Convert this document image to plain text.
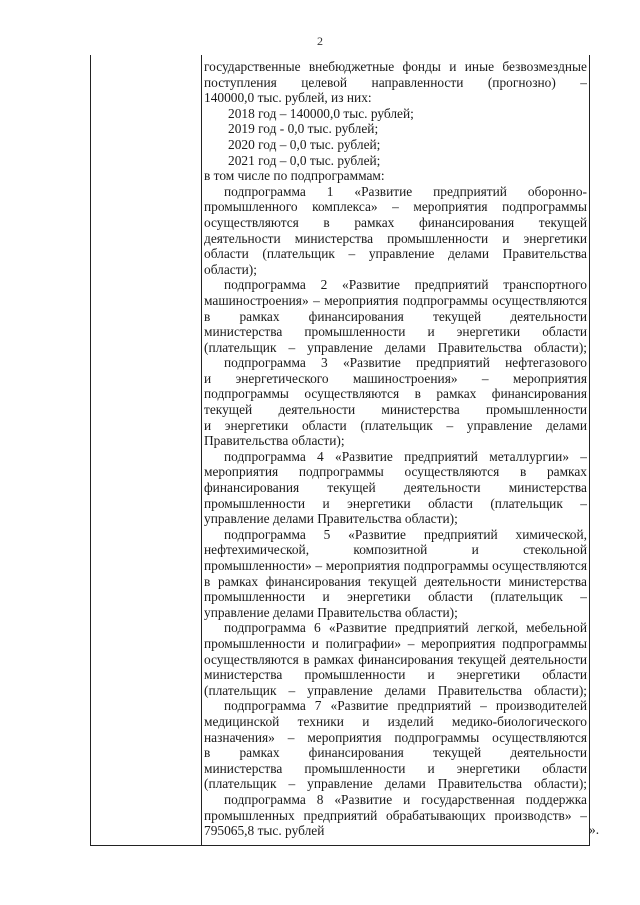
2
государственные внебюджетные фонды и иные безвозмездные
поступления целевой направленности (прогнозно) –
140000,0 тыс. рублей, из них:
2018 год – 140000,0 тыс. рублей;
2019 год - 0,0 тыс. рублей;
2020 год – 0,0 тыс. рублей;
2021 год – 0,0 тыс. рублей;
в том числе по подпрограммам:
подпрограмма 1 «Развитие предприятий оборонно-
промышленного комплекса» – мероприятия подпрограммы
осуществляются в рамках финансирования текущей
деятельности министерства промышленности и энергетики
области (плательщик – управление делами Правительства
области);
подпрограмма 2 «Развитие предприятий транспортного
машиностроения» – мероприятия подпрограммы осуществляются
в рамках финансирования текущей деятельности
министерства промышленности и энергетики области
(плательщик – управление делами Правительства области);
подпрограмма 3 «Развитие предприятий нефтегазового
и энергетического машиностроения» – мероприятия
подпрограммы осуществляются в рамках финансирования
текущей деятельности министерства промышленности
и энергетики области (плательщик – управление делами
Правительства области);
подпрограмма 4 «Развитие предприятий металлургии» –
мероприятия подпрограммы осуществляются в рамках
финансирования текущей деятельности министерства
промышленности и энергетики области (плательщик –
управление делами Правительства области);
подпрограмма 5 «Развитие предприятий химической,
нефтехимической, композитной и стекольной
промышленности» – мероприятия подпрограммы осуществляются
в рамках финансирования текущей деятельности министерства
промышленности и энергетики области (плательщик –
управление делами Правительства области);
подпрограмма 6 «Развитие предприятий легкой, мебельной
промышленности и полиграфии» – мероприятия подпрограммы
осуществляются в рамках финансирования текущей деятельности
министерства промышленности и энергетики области
(плательщик – управление делами Правительства области);
подпрограмма 7 «Развитие предприятий – производителей
медицинской техники и изделий медико-биологического
назначения» – мероприятия подпрограммы осуществляются
в рамках финансирования текущей деятельности
министерства промышленности и энергетики области
(плательщик – управление делами Правительства области);
подпрограмма 8 «Развитие и государственная поддержка
промышленных предприятий обрабатывающих производств» –
795065,8 тыс. рублей	».
